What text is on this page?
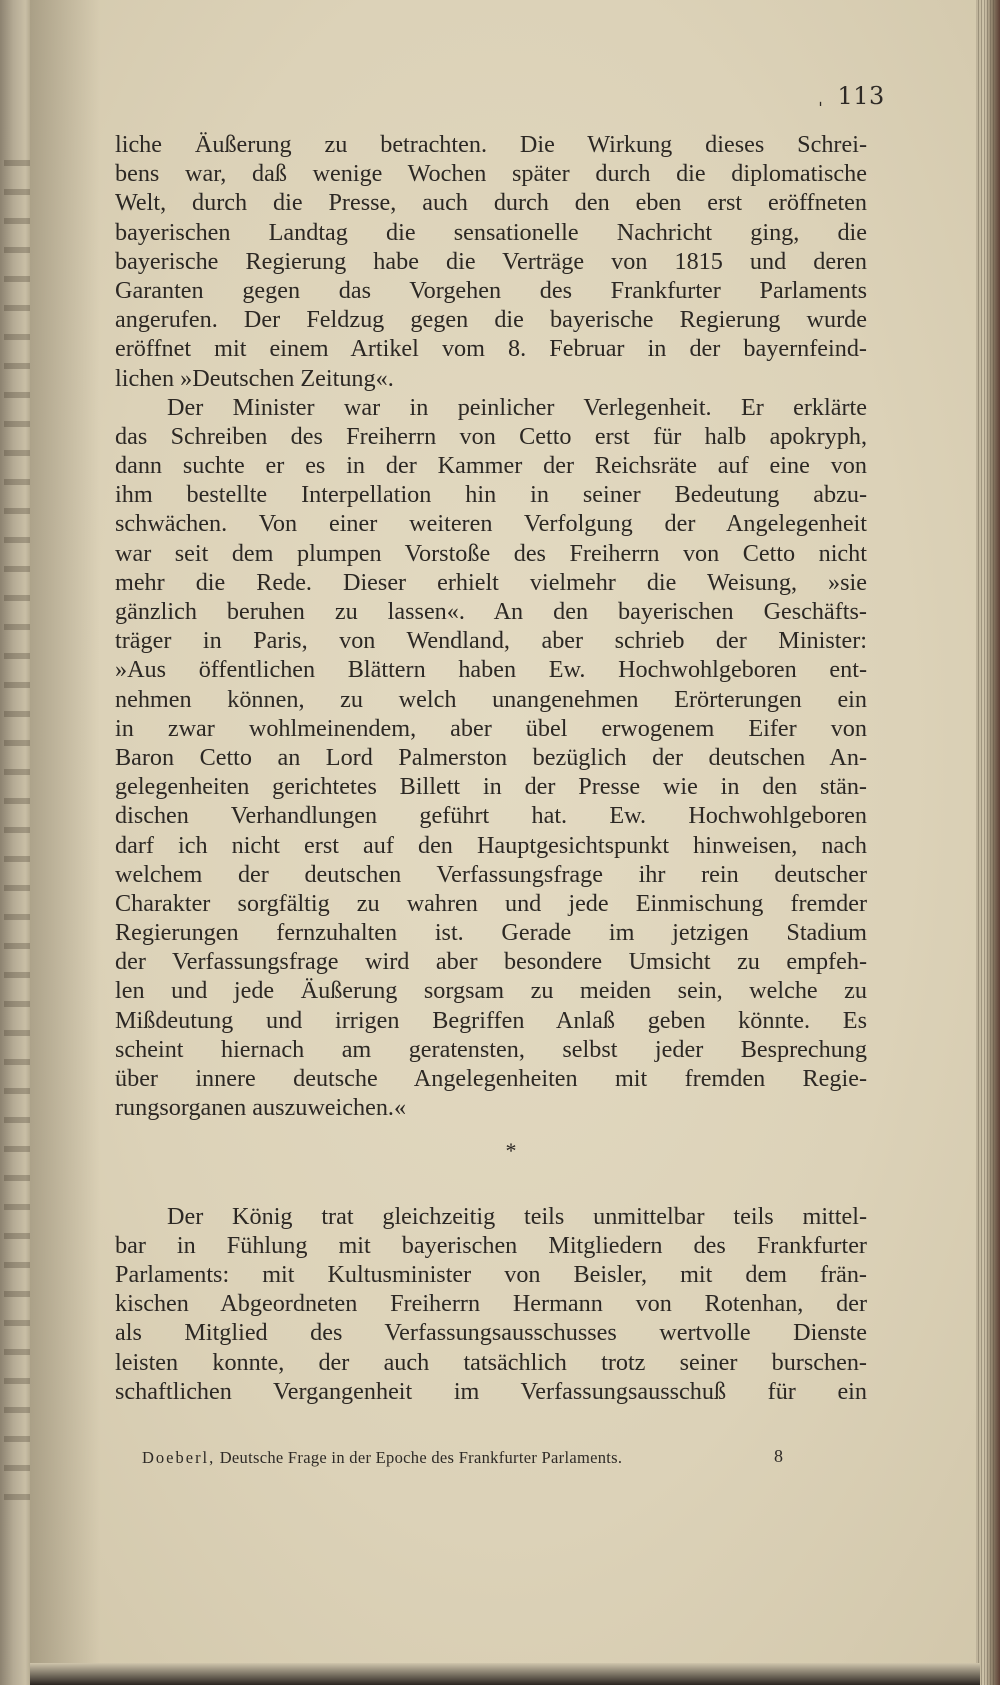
ˌ 113
liche Äußerung zu betrachten. Die Wirkung dieses Schrei-
bens war, daß wenige Wochen später durch die diplomatische
Welt, durch die Presse, auch durch den eben erst eröffneten
bayerischen Landtag die sensationelle Nachricht ging, die
bayerische Regierung habe die Verträge von 1815 und deren
Garanten gegen das Vorgehen des Frankfurter Parlaments
angerufen. Der Feldzug gegen die bayerische Regierung wurde
eröffnet mit einem Artikel vom 8. Februar in der bayernfeind-
lichen »Deutschen Zeitung«.
Der Minister war in peinlicher Verlegenheit. Er erklärte
das Schreiben des Freiherrn von Cetto erst für halb apokryph,
dann suchte er es in der Kammer der Reichsräte auf eine von
ihm bestellte Interpellation hin in seiner Bedeutung abzu-
schwächen. Von einer weiteren Verfolgung der Angelegenheit
war seit dem plumpen Vorstoße des Freiherrn von Cetto nicht
mehr die Rede. Dieser erhielt vielmehr die Weisung, »sie
gänzlich beruhen zu lassen«. An den bayerischen Geschäfts-
träger in Paris, von Wendland, aber schrieb der Minister:
»Aus öffentlichen Blättern haben Ew. Hochwohlgeboren ent-
nehmen können, zu welch unangenehmen Erörterungen ein
in zwar wohlmeinendem, aber übel erwogenem Eifer von
Baron Cetto an Lord Palmerston bezüglich der deutschen An-
gelegenheiten gerichtetes Billett in der Presse wie in den stän-
dischen Verhandlungen geführt hat. Ew. Hochwohlgeboren
darf ich nicht erst auf den Hauptgesichtspunkt hinweisen, nach
welchem der deutschen Verfassungsfrage ihr rein deutscher
Charakter sorgfältig zu wahren und jede Einmischung fremder
Regierungen fernzuhalten ist. Gerade im jetzigen Stadium
der Verfassungsfrage wird aber besondere Umsicht zu empfeh-
len und jede Äußerung sorgsam zu meiden sein, welche zu
Mißdeutung und irrigen Begriffen Anlaß geben könnte. Es
scheint hiernach am geratensten, selbst jeder Besprechung
über innere deutsche Angelegenheiten mit fremden Regie-
rungsorganen auszuweichen.«
*
Der König trat gleichzeitig teils unmittelbar teils mittel-
bar in Fühlung mit bayerischen Mitgliedern des Frankfurter
Parlaments: mit Kultusminister von Beisler, mit dem frän-
kischen Abgeordneten Freiherrn Hermann von Rotenhan, der
als Mitglied des Verfassungsausschusses wertvolle Dienste
leisten konnte, der auch tatsächlich trotz seiner burschen-
schaftlichen Vergangenheit im Verfassungsausschuß für ein
Doeberl, Deutsche Frage in der Epoche des Frankfurter Parlaments.	8
